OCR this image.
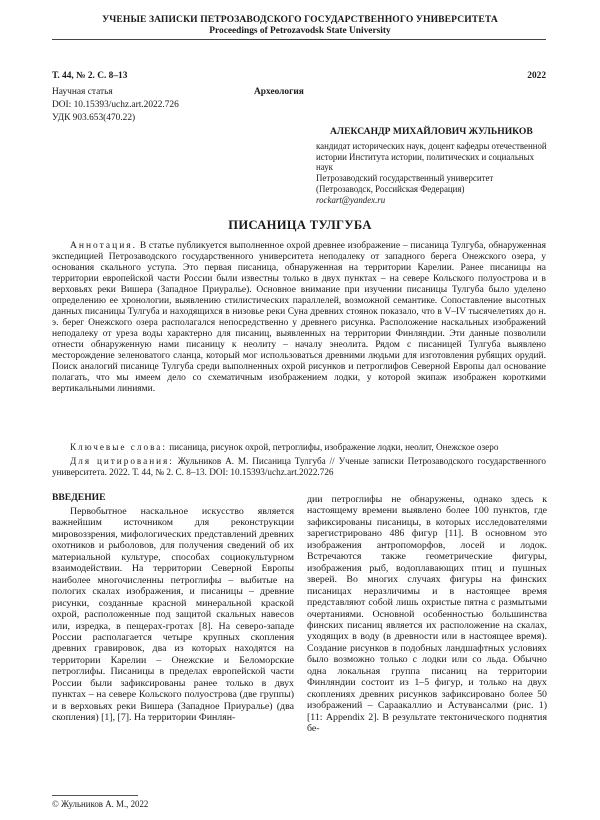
УЧЕНЫЕ ЗАПИСКИ ПЕТРОЗАВОДСКОГО ГОСУДАРСТВЕННОГО УНИВЕРСИТЕТА
Proceedings of Petrozavodsk State University
Т. 44, № 2. С. 8–13	2022
Научная статья	Археология
DOI: 10.15393/uchz.art.2022.726
УДК 903.653(470.22)
АЛЕКСАНДР МИХАЙЛОВИЧ ЖУЛЬНИКОВ

кандидат исторических наук, доцент кафедры отечественной истории Института истории, политических и социальных наук

Петрозаводский государственный университет (Петрозаводск, Российская Федерация)

rockart@yandex.ru

ПИСАНИЦА ТУЛГУБА

Аннотация. В статье публикуется выполненное охрой древнее изображение – писаница Тулгуба, обнаруженная экспедицией Петрозаводского государственного университета неподалеку от западного берега Онежского озера, у основания скального уступа. Это первая писаница, обнаруженная на территории Карелии. Ранее писаницы на территории европейской части России были известны только в двух пунктах – на севере Кольского полуострова и в верховьях реки Вишера (Западное Приуралье). Основное внимание при изучении писаницы Тулгуба было уделено определению ее хронологии, выявлению стилистических параллелей, возможной семантике. Сопоставление высотных данных писаницы Тулгуба и находящихся в низовье реки Суна древних стоянок показало, что в V–IV тысячелетиях до н. э. берег Онежского озера располагался непосредственно у древнего рисунка. Расположение наскальных изображений неподалеку от уреза воды характерно для писаниц, выявленных на территории Финляндии. Эти данные позволили отнести обнаруженную нами писаницу к неолиту – началу энеолита. Рядом с писаницей Тулгуба выявлено месторождение зеленоватого сланца, который мог использоваться древними людьми для изготовления рубящих орудий. Поиск аналогий писанице Тулгуба среди выполненных охрой рисунков и петроглифов Северной Европы дал основание полагать, что мы имеем дело со схематичным изображением лодки, у которой экипаж изображен короткими вертикальными линиями.

Ключевые слова: писаница, рисунок охрой, петроглифы, изображение лодки, неолит, Онежское озеро
Для цитирования: Жульников А. М. Писаница Тулгуба // Ученые записки Петрозаводского государственного университета. 2022. Т. 44, № 2. С. 8–13. DOI: 10.15393/uchz.art.2022.726
ВВЕДЕНИЕ

Первобытное наскальное искусство является важнейшим источником для реконструкции мировоззрения, мифологических представлений древних охотников и рыболовов, для получения сведений об их материальной культуре, способах социокультурном взаимодействии. На территории Северной Европы наиболее многочисленны петроглифы – выбитые на пологих скалах изображения, и писаницы – древние рисунки, созданные красной минеральной краской охрой, расположенные под защитой скальных навесов или, изредка, в пещерах-гротах [8]. На северо-западе России располагается четыре крупных скопления древних гравировок, два из которых находятся на территории Карелии – Онежские и Беломорские петроглифы. Писаницы в пределах европейской части России были зафиксированы ранее только в двух пунктах – на севере Кольского полуострова (две группы) и в верховьях реки Вишера (Западное Приуралье) (два скопления) [1], [7]. На территории Финлян-

дии петроглифы не обнаружены, однако здесь к настоящему времени выявлено более 100 пунктов, где зафиксированы писаницы, в которых исследователями зарегистрировано 486 фигур [11]. В основном это изображения антропоморфов, лосей и лодок. Встречаются также геометрические фигуры, изображения рыб, водоплавающих птиц и пушных зверей. Во многих случаях фигуры на финских писаницах неразличимы и в настоящее время представляют собой лишь охристые пятна с размытыми очертаниями. Основной особенностью большинства финских писаниц является их расположение на скалах, уходящих в воду (в древности или в настоящее время). Создание рисунков в подобных ландшафтных условиях было возможно только с лодки или со льда. Обычно одна локальная группа писаниц на территории Финляндии состоит из 1–5 фигур, и только на двух скоплениях древних рисунков зафиксировано более 50 изображений – Сараакаллио и Астувансалми (рис. 1) [11: Appendix 2]. В результате тектонического поднятия бе-

© Жульников А. М., 2022
